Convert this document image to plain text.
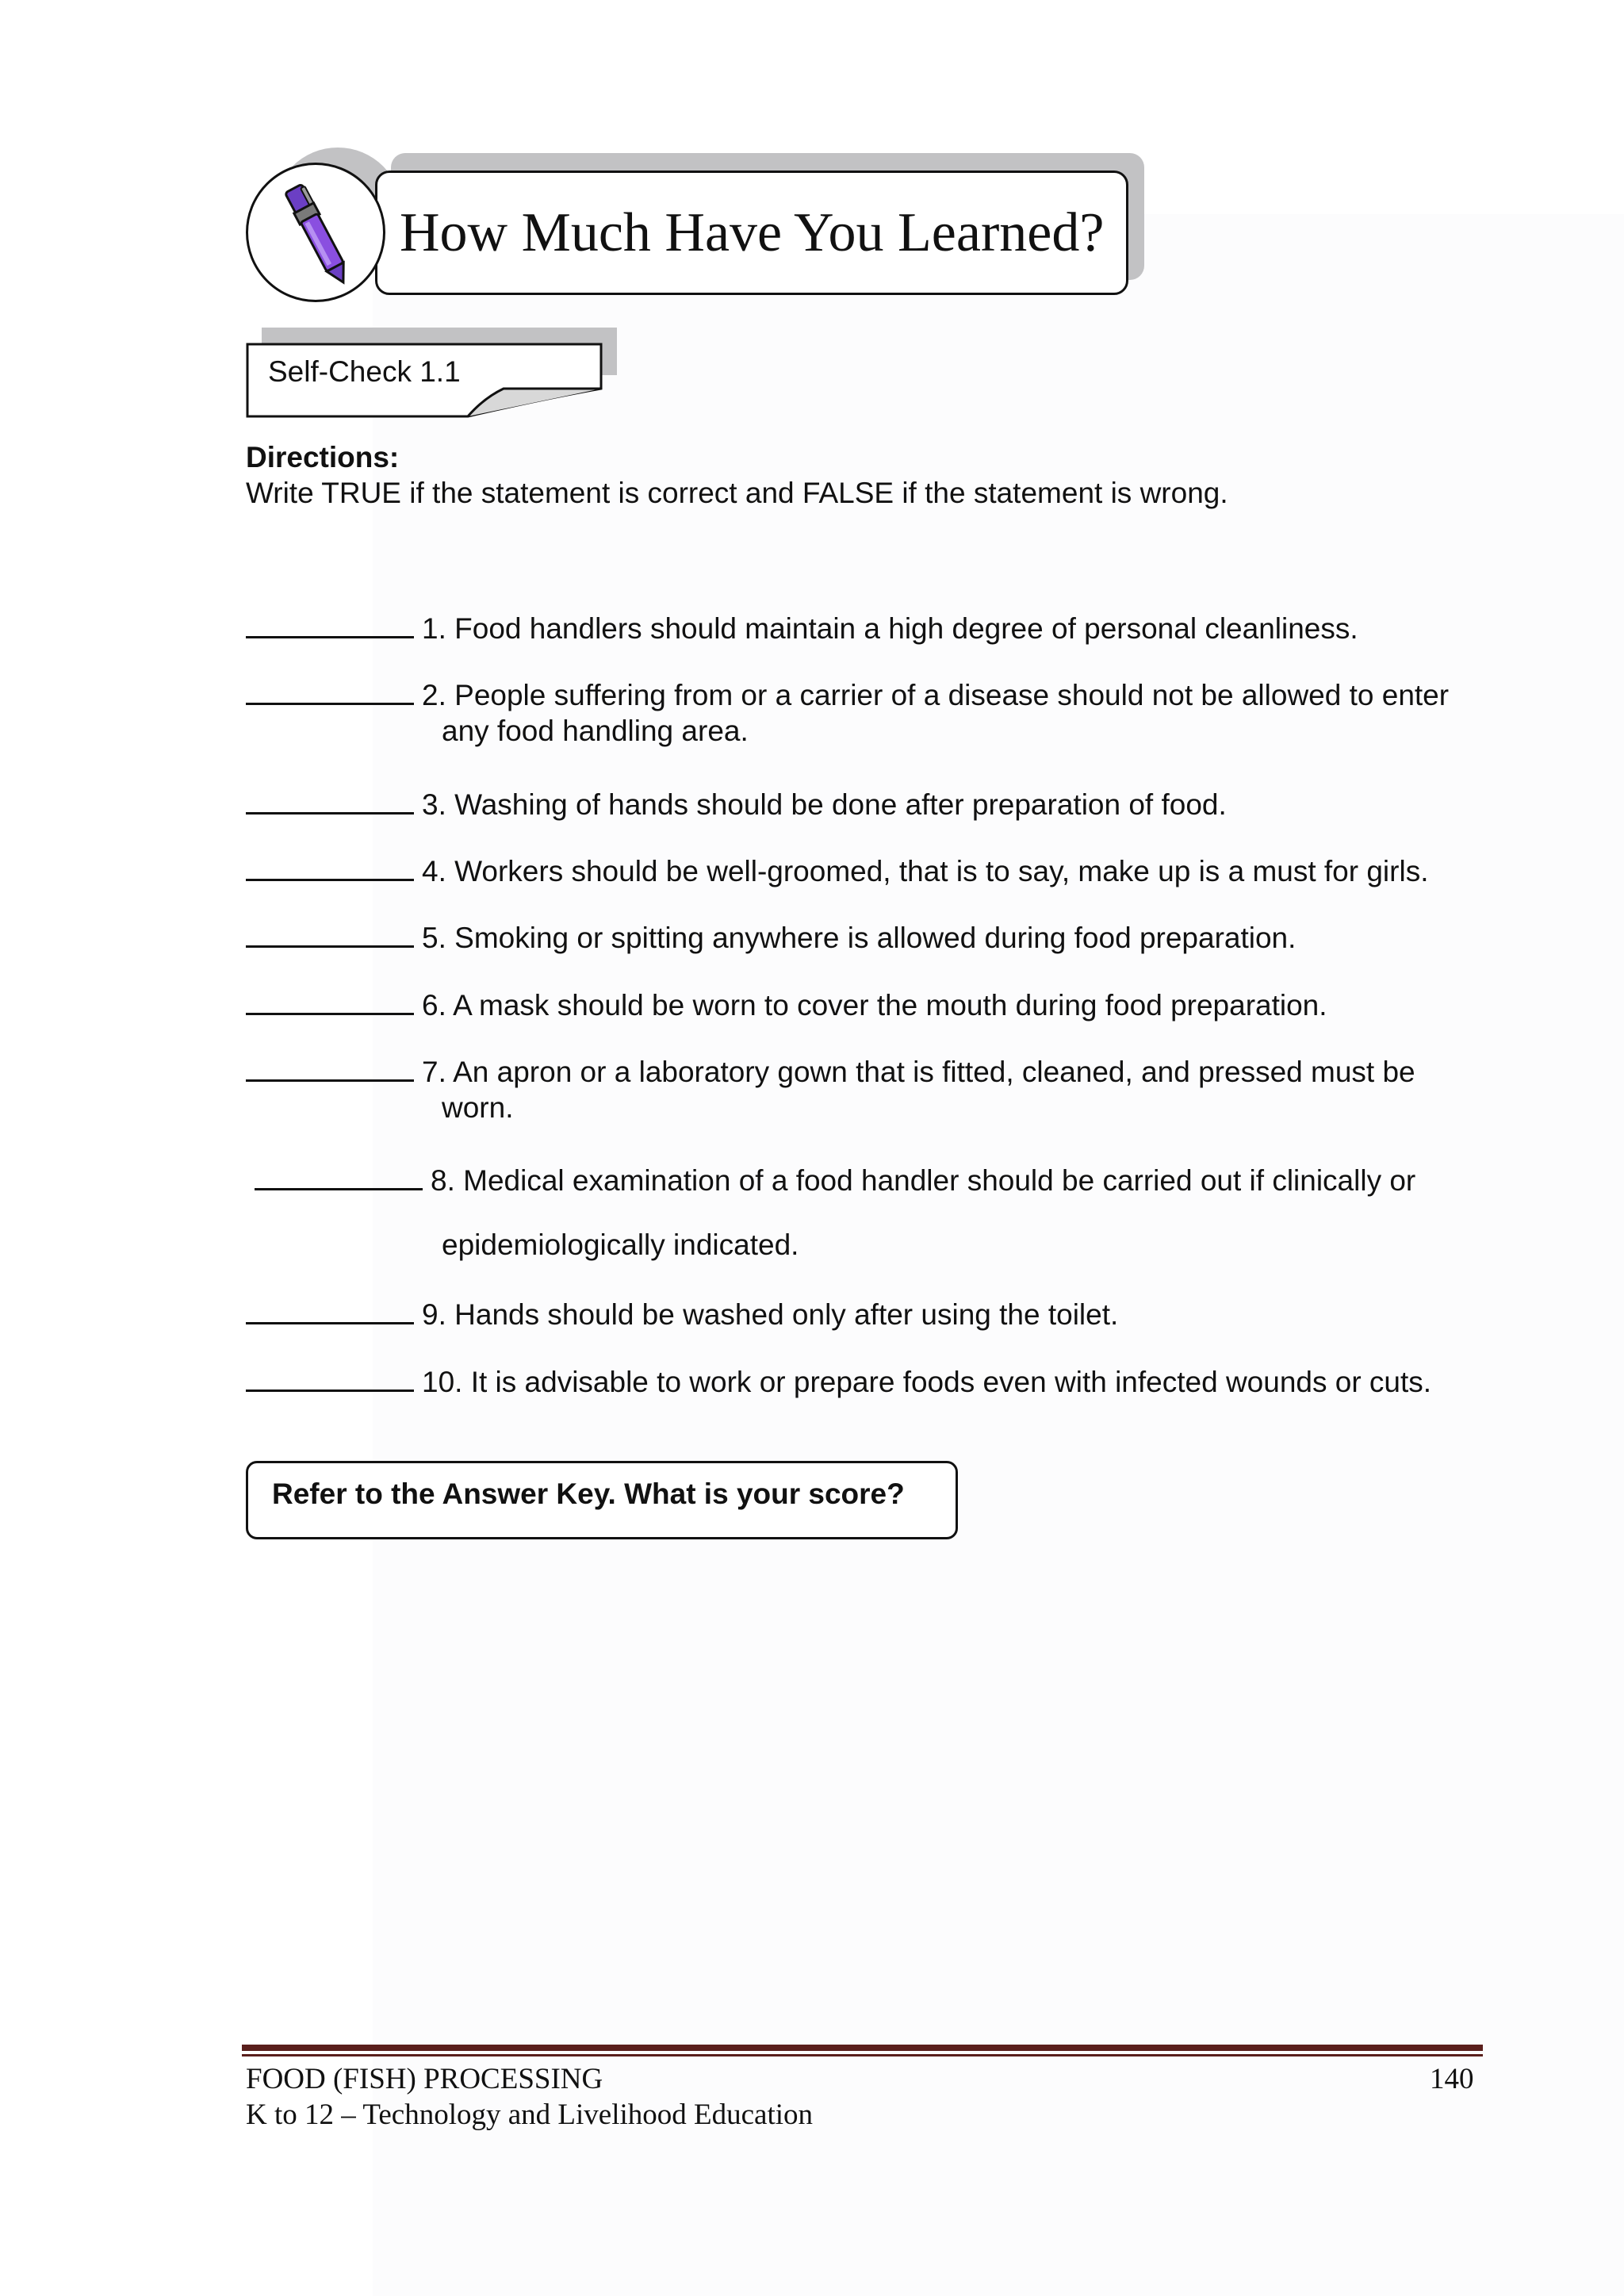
How Much Have You Learned?
Self-Check 1.1
Directions:
Write TRUE if the statement is correct and FALSE if the statement is wrong.
1. Food handlers should maintain a high degree of personal cleanliness.
2. People suffering from or a carrier of a disease should not be allowed to enter
any food handling area.
3. Washing of hands should be done after preparation of food.
4. Workers should be well-groomed, that is to say, make up is a must for girls.
5. Smoking or spitting anywhere is allowed during food preparation.
6. A mask should be worn to cover the mouth during food preparation.
7. An apron or a laboratory gown that is fitted, cleaned, and pressed must be
worn.
8. Medical examination of a food handler should be carried out if clinically or
epidemiologically indicated.
9. Hands should be washed only after using the toilet.
10. It is advisable to work or prepare foods even with infected wounds or cuts.
Refer to the Answer Key. What is your score?
FOOD (FISH) PROCESSING	140
K to 12 – Technology and Livelihood Education
